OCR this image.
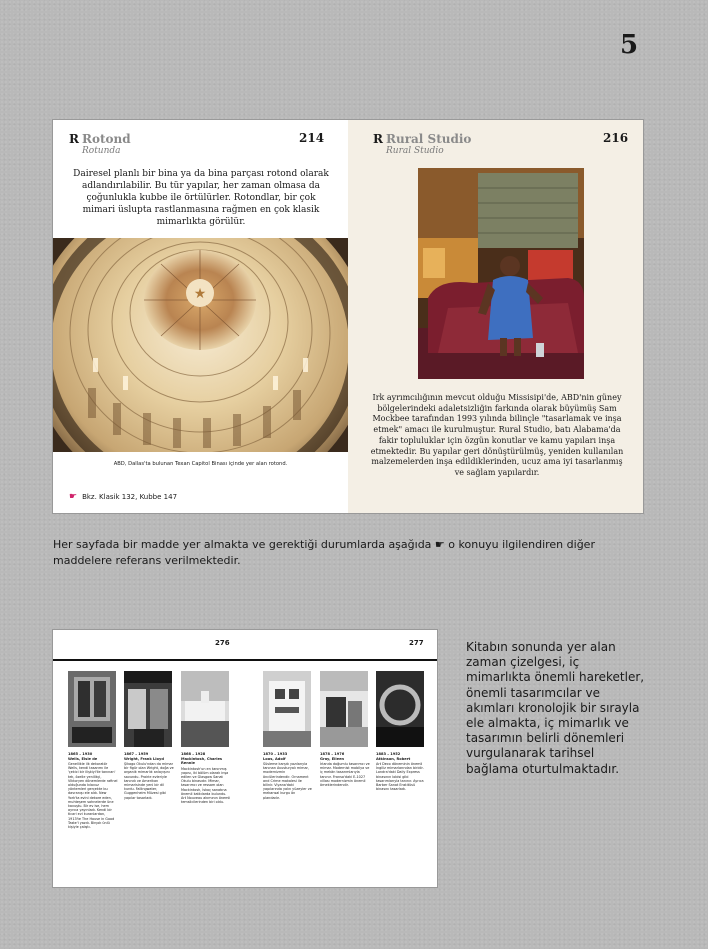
5
R Rotond
Rotunda
214
Dairesel planlı bir bina ya da bina parçası rotond olarak adlandırılabilir. Bu tür yapılar, her zaman olmasa da çoğunlukla kubbe ile örtülürler. Rotondlar, bir çok mimari üslupta rastlanmasına rağmen en çok klasik mimarlıkta görülür.
★
ABD, Dallas'ta bulunan Texan Capitol Binası içinde yer alan rotond.
☛ Bkz. Klasik 132, Kubbe 147
R Rural Studio
Rural Studio
216
Irk ayrımcılığının mevcut olduğu Missisipi'de, ABD'nin güney bölgelerindeki adaletsizliğin farkında olarak büyümüş Sam Mockbee tarafından 1993 yılında bilinçle "tasarlamak ve inşa etmek" amacı ile kurulmuştur. Rural Studio, batı Alabama'da fakir topluluklar için özgün konutlar ve kamu yapıları inşa etmektedir. Bu yapılar geri dönüştürülmüş, yeniden kullanılan malzemelerden inşa edildiklerinden, ucuz ama iyi tasarlanmış ve sağlam yapılardır.
Her sayfada bir madde yer almakta ve gerektiği durumlarda aşağıda ☛ o konuyu ilgilendiren diğer maddelere referans verilmektedir.
276	277
1865 – 1930
Wells, Elsie de
Genellikle ilk dekoratör Wells, kendi tasarımı ile 'çekici bir ilişkiyi'ile tanınan' tek, özelle yenilikçi, Viktoryen dönemlerde rafinel olduğunda kılavuz yöntemleri gerçekte bu davranışı ele aldı. New York'ta evini dekore eden, muhteşem sahnelerde üne kavuştu. Bir ev ise, hem ayrıca yayınladı. Kendi bir ticari evi kuranlardan, 1913'te The House in Good Taste'i yazdı. Birçok ünlü kişiyle çalıştı.
1867 – 1959
Wright, Frank Lloyd
Şikago Okulu'ndan da mimar bir figür olan Wright, doğa ve organik mimarlık anlayışını savundu. Prairie evleriyle tanındı ve Amerikan mimarisinde yeni bir dil kurdu. Fallingwater, Guggenheim Müzesi gibi yapılar tasarladı.
1868 – 1928
Mackintosh, Charles Rennie
Mackintosh'un en tanınmış yapısı, iki bölüm olarak inşa edilen ve Glasgow Sanat Okulu binasıdır. Mimar, tasarımcı ve ressam olan Mackintosh, İskoç sanatına önemli katkılarda bulundu. Art Nouveau akımının önemli temsilcilerinden biri oldu.
1870 – 1933
Loos, Adolf
Süsleme karşıtı yazılarıyla tanınan Avusturyalı mimar, modernizmin öncülerindendir. Ornament and Crime makalesi ile bilinir. Viyana'daki yapılarında yalın yüzeyler ve mekansal kurgu ön plandadır.
1878 – 1976
Gray, Eileen
İrlanda doğumlu tasarımcı ve mimar. Modernist mobilya ve iç mekân tasarımlarıyla tanınır. Fransa'daki E-1027 villası modernizmin önemli örneklerindendir.
1883 – 1952
Atkinson, Robert
Art Deco döneminin önemli İngiliz mimarlarından biridir. Londra'daki Daily Express binasının lobisi gibi tasarımlarıyla tanınır. Ayrıca Barber Sanat Enstitüsü binasını tasarladı.
Kitabın sonunda yer alan zaman çizelgesi, iç mimarlıkta önemli hareketler, önemli tasarımcılar ve akımları kronolojik bir sırayla ele almakta, iç mimarlık ve tasarımın belirli dönemleri vurgulanarak tarihsel bağlama oturtulmaktadır.
